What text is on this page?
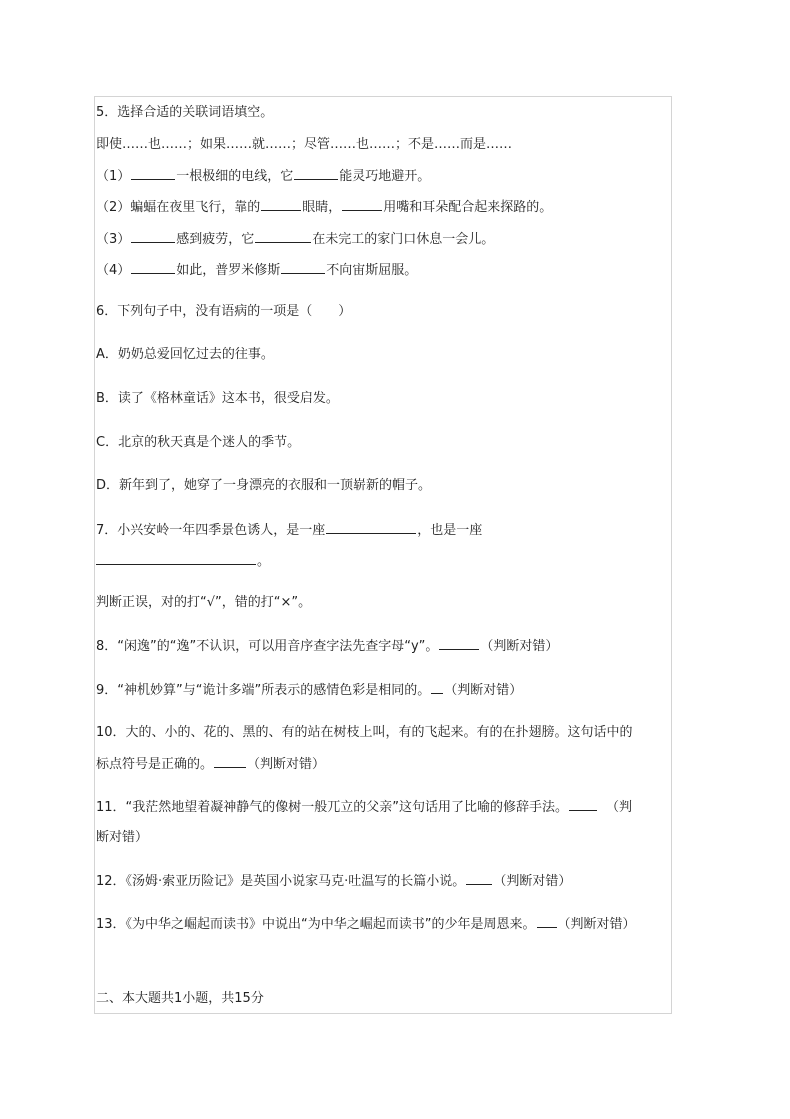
5．选择合适的关联词语填空。
即使……也……；如果……就……；尽管……也……；不是……而是……
（1）	一根极细的电线，它	能灵巧地避开。
（2）蝙蝠在夜里飞行，靠的	眼睛，	用嘴和耳朵配合起来探路的。
（3）	感到疲劳，它	在未完工的家门口休息一会儿。
（4）	如此，普罗米修斯	不向宙斯屈服。
6．下列句子中，没有语病的一项是（　　）
A．奶奶总爱回忆过去的往事。
B．读了《格林童话》这本书，很受启发。
C．北京的秋天真是个迷人的季节。
D．新年到了，她穿了一身漂亮的衣服和一顶崭新的帽子。
7．小兴安岭一年四季景色诱人，是一座	，也是一座
。
判断正误，对的打“√”，错的打“×”。
8．“闲逸”的“逸”不认识，可以用音序查字法先查字母“y”。	（判断对错）
9．“神机妙算”与“诡计多端”所表示的感情色彩是相同的。 （判断对错）
10．大的、小的、花的、黑的、有的站在树枝上叫，有的飞起来。有的在扑翅膀。这句话中的
标点符号是正确的。	（判断对错）
11．“我茫然地望着凝神静气的像树一般兀立的父亲”这句话用了比喻的修辞手法。	（判
断对错）
12．《汤姆·索亚历险记》是英国小说家马克·吐温写的长篇小说。 （判断对错）
13．《为中华之崛起而读书》中说出“为中华之崛起而读书”的少年是周恩来。 （判断对错）
二、本大题共1小题，共15分
